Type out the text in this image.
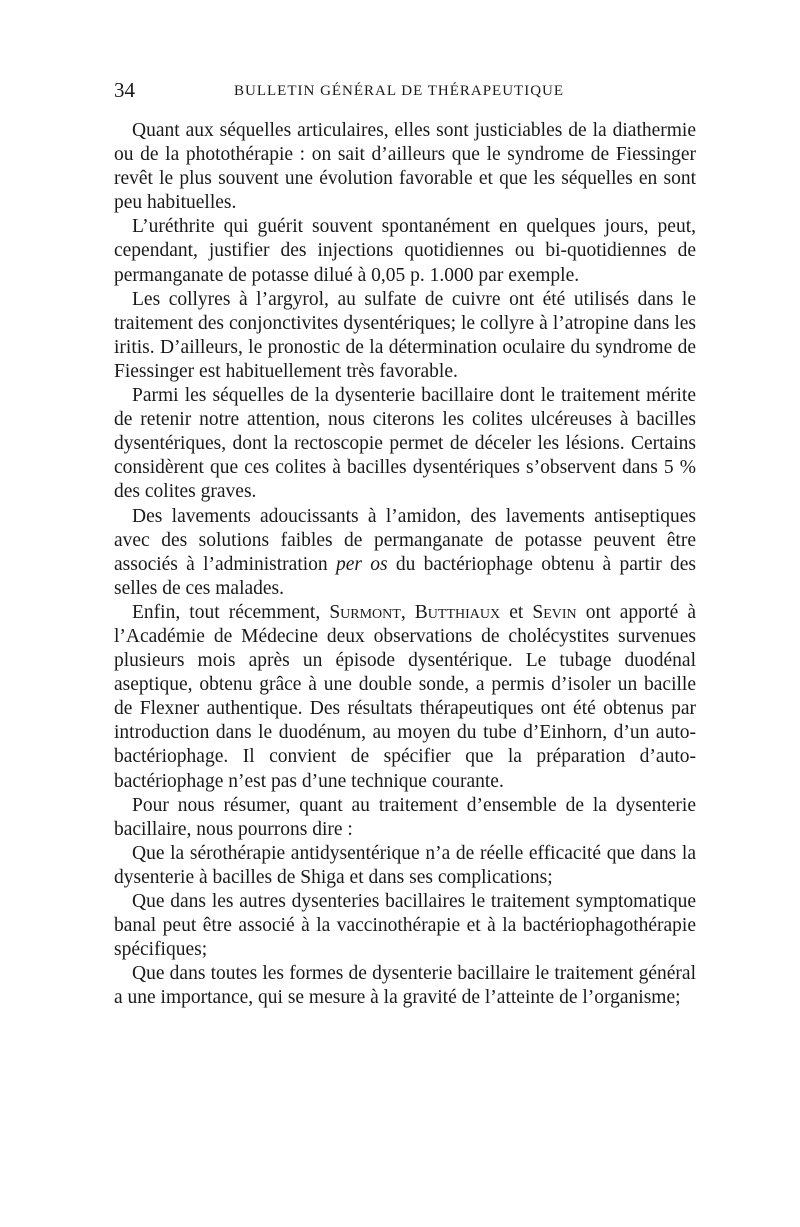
34	BULLETIN GÉNÉRAL DE THÉRAPEUTIQUE

Quant aux séquelles articulaires, elles sont justiciables de la diathermie ou de la photothérapie : on sait d’ailleurs que le syndrome de Fiessinger revêt le plus souvent une évolution favorable et que les séquelles en sont peu habituelles.

L’uréthrite qui guérit souvent spontanément en quelques jours, peut, cependant, justifier des injections quotidiennes ou bi-quotidiennes de permanganate de potasse dilué à 0,05 p. 1.000 par exemple.

Les collyres à l’argyrol, au sulfate de cuivre ont été utilisés dans le traitement des conjonctivites dysentériques; le collyre à l’atropine dans les iritis. D’ailleurs, le pronostic de la détermination oculaire du syndrome de Fiessinger est habituellement très favorable.

Parmi les séquelles de la dysenterie bacillaire dont le traitement mérite de retenir notre attention, nous citerons les colites ulcéreuses à bacilles dysentériques, dont la rectoscopie permet de déceler les lésions. Certains considèrent que ces colites à bacilles dysentériques s’observent dans 5 % des colites graves.

Des lavements adoucissants à l’amidon, des lavements antiseptiques avec des solutions faibles de permanganate de potasse peuvent être associés à l’administration per os du bactériophage obtenu à partir des selles de ces malades.

Enfin, tout récemment, Surmont, Butthiaux et Sevin ont apporté à l’Académie de Médecine deux observations de cholécystites survenues plusieurs mois après un épisode dysentérique. Le tubage duodénal aseptique, obtenu grâce à une double sonde, a permis d’isoler un bacille de Flexner authentique. Des résultats thérapeutiques ont été obtenus par introduction dans le duodénum, au moyen du tube d’Einhorn, d’un auto-bactériophage. Il convient de spécifier que la préparation d’auto-bactériophage n’est pas d’une technique courante.

Pour nous résumer, quant au traitement d’ensemble de la dysenterie bacillaire, nous pourrons dire :

Que la sérothérapie antidysentérique n’a de réelle efficacité que dans la dysenterie à bacilles de Shiga et dans ses complications;

Que dans les autres dysenteries bacillaires le traitement symptomatique banal peut être associé à la vaccinothérapie et à la bactériophagothérapie spécifiques;

Que dans toutes les formes de dysenterie bacillaire le traitement général a une importance, qui se mesure à la gravité de l’atteinte de l’organisme;
